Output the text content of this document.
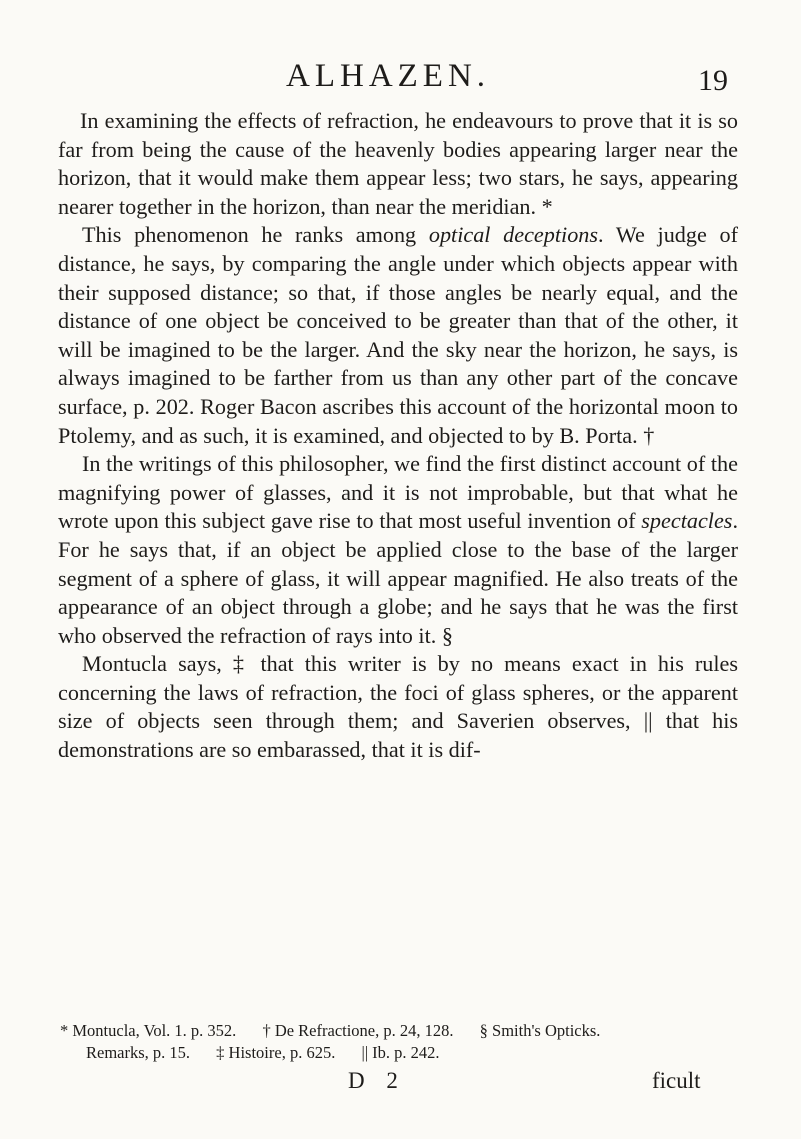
ALHAZEN.	19

In examining the effects of refraction, he endeavours to prove that it is so far from being the cause of the heavenly bodies appearing larger near the horizon, that it would make them appear less; two stars, he says, appearing nearer together in the horizon, than near the meridian. *

This phenomenon he ranks among optical deceptions. We judge of distance, he says, by comparing the angle under which objects appear with their supposed distance; so that, if those angles be nearly equal, and the distance of one object be conceived to be greater than that of the other, it will be imagined to be the larger. And the sky near the horizon, he says, is always imagined to be farther from us than any other part of the concave surface, p. 202. Roger Bacon ascribes this account of the horizontal moon to Ptolemy, and as such, it is examined, and objected to by B. Porta. †

In the writings of this philosopher, we find the first distinct account of the magnifying power of glasses, and it is not improbable, but that what he wrote upon this subject gave rise to that most useful invention of spectacles. For he says that, if an object be applied close to the base of the larger segment of a sphere of glass, it will appear magnified. He also treats of the appearance of an object through a globe; and he says that he was the first who observed the refraction of rays into it. §

Montucla says, ‡ that this writer is by no means exact in his rules concerning the laws of refraction, the foci of glass spheres, or the apparent size of objects seen through them; and Saverien observes, || that his demonstrations are so embarassed, that it is dif-

* Montucla, Vol. 1. p. 352. † De Refractione, p. 24, 128. § Smith's Opticks.
Remarks, p. 15. ‡ Histoire, p. 625. || Ib. p. 242.
D 2	ficult
